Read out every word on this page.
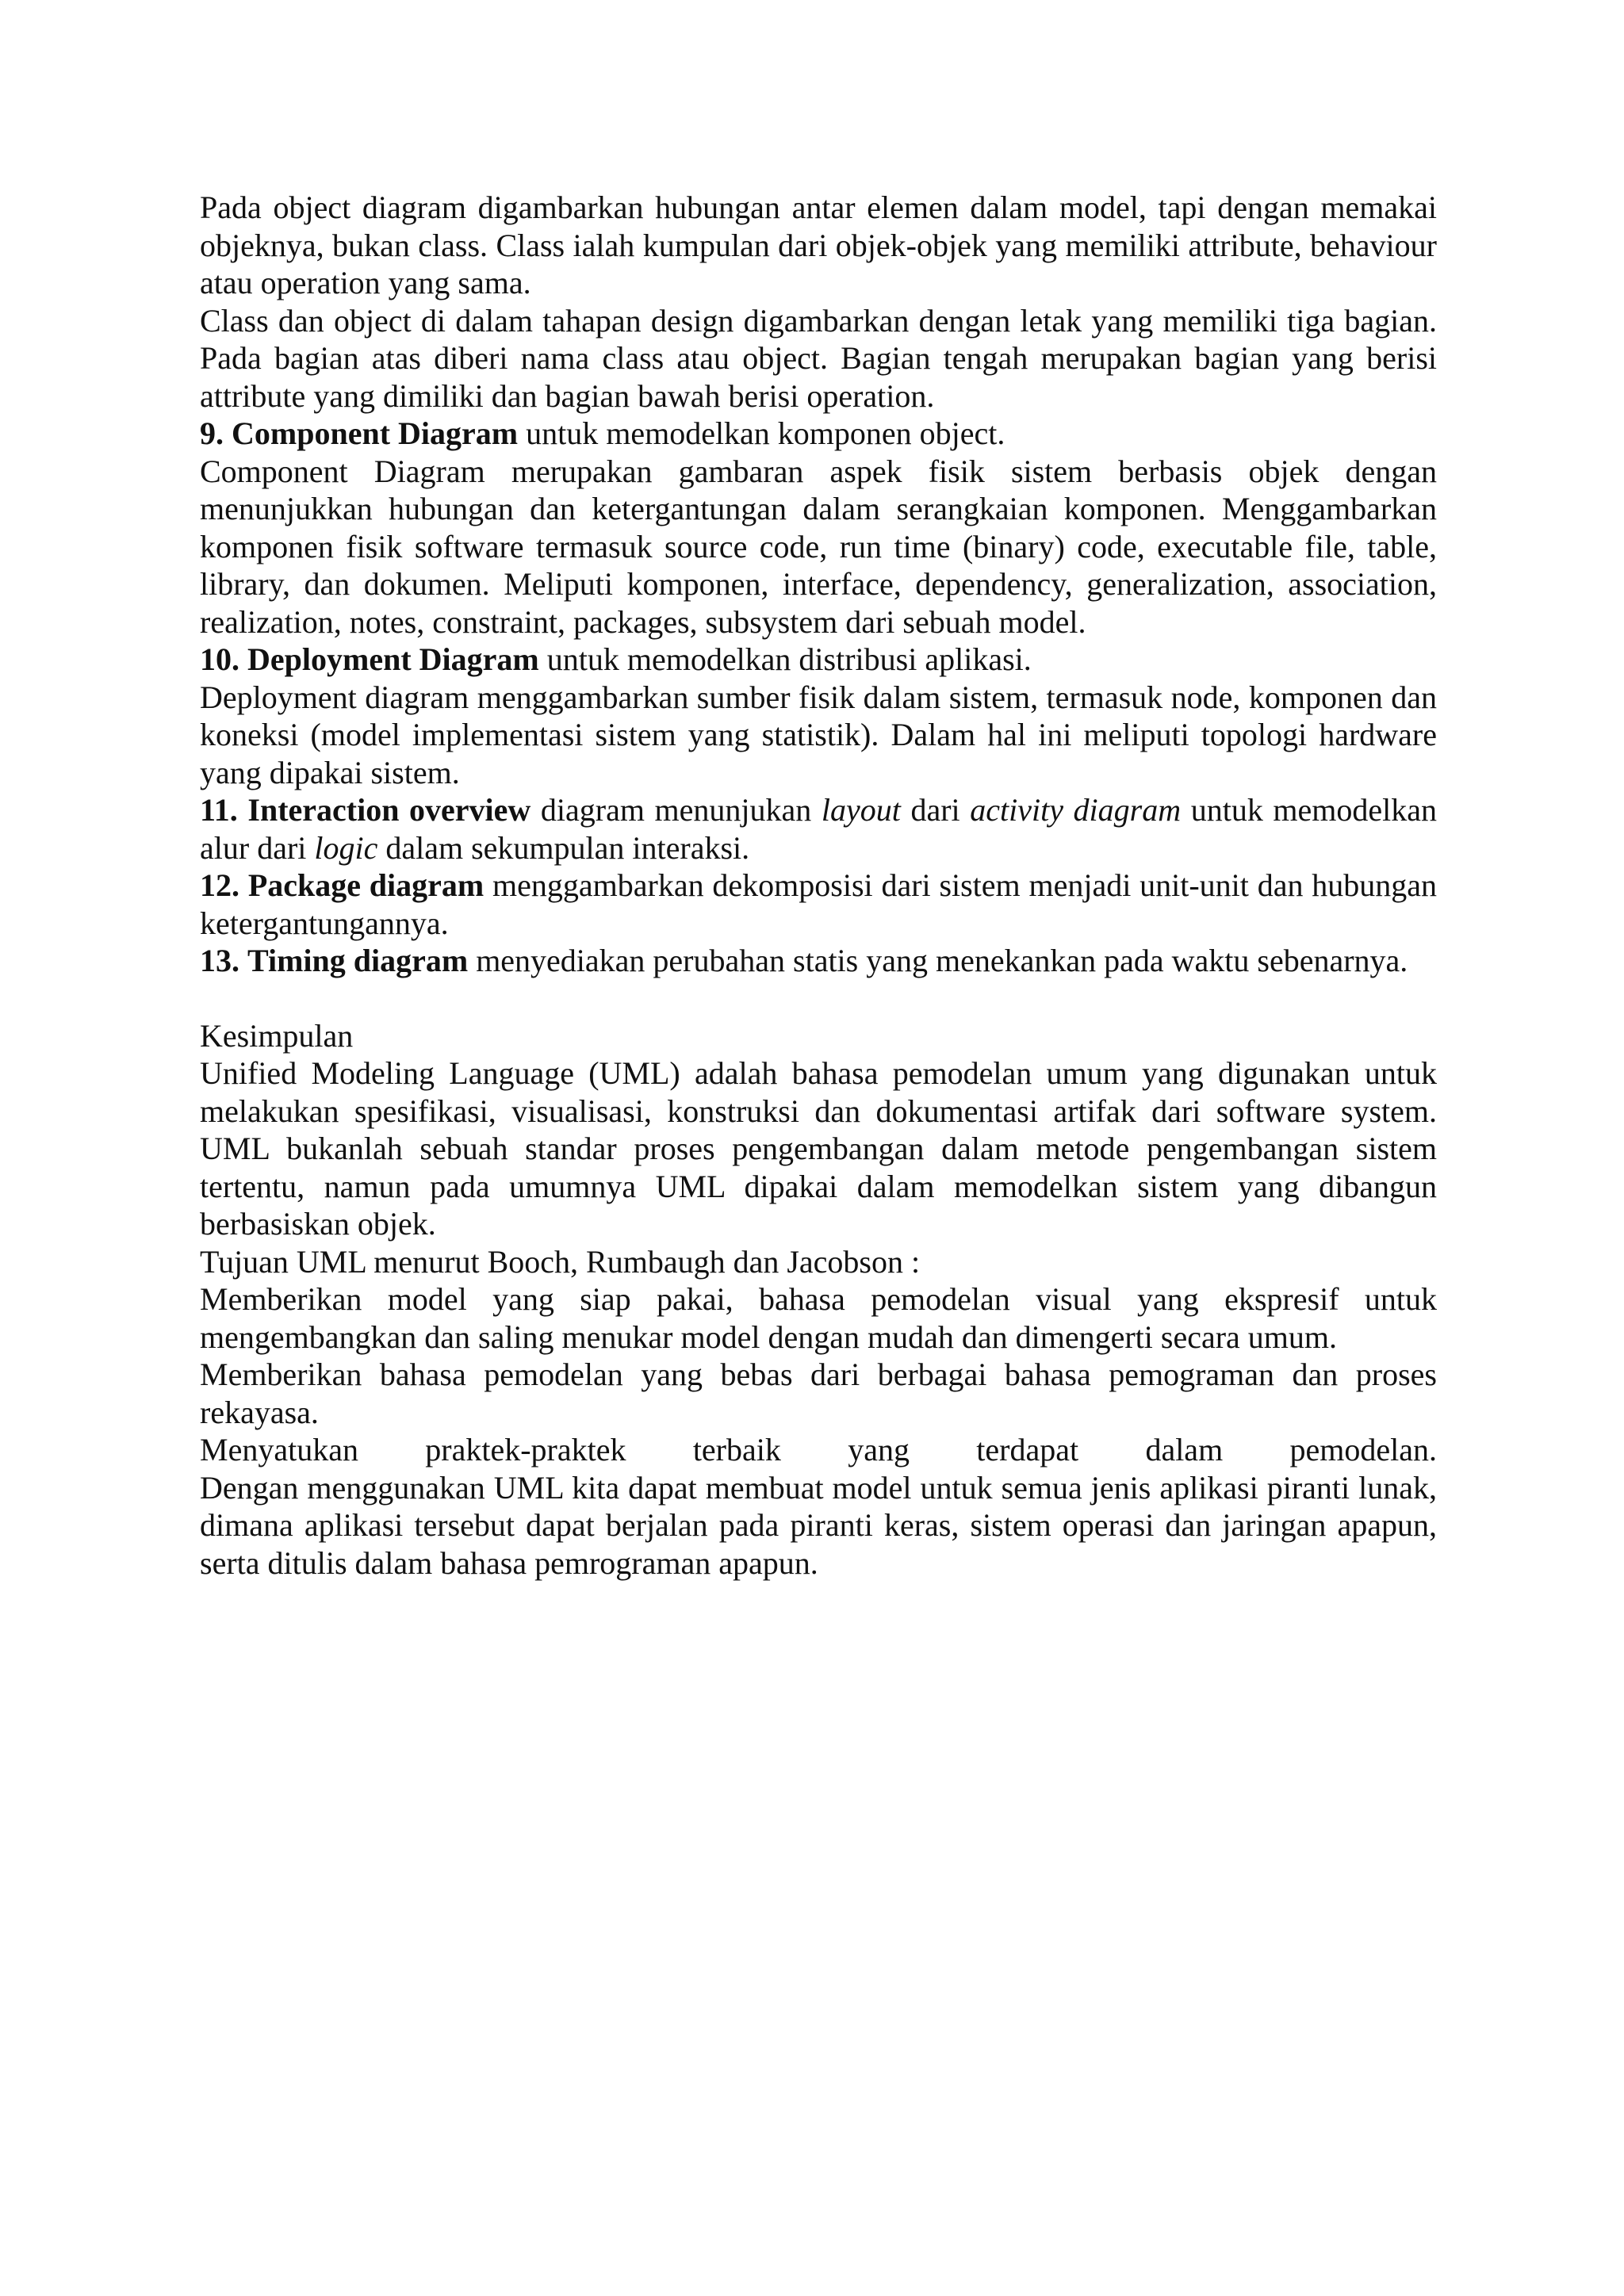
Pada object diagram digambarkan hubungan antar elemen dalam model, tapi dengan memakai objeknya, bukan class. Class ialah kumpulan dari objek-objek yang memiliki attribute, behaviour atau operation yang sama.

Class dan object di dalam tahapan design digambarkan dengan letak yang memiliki tiga bagian. Pada bagian atas diberi nama class atau object. Bagian tengah merupakan bagian yang berisi attribute yang dimiliki dan bagian bawah berisi operation.

9. Component Diagram untuk memodelkan komponen object.

Component Diagram merupakan gambaran aspek fisik sistem berbasis objek dengan menunjukkan hubungan dan ketergantungan dalam serangkaian komponen. Menggambarkan komponen fisik software termasuk source code, run time (binary) code, executable file, table, library, dan dokumen. Meliputi komponen, interface, dependency, generalization, association, realization, notes, constraint, packages, subsystem dari sebuah model.

10. Deployment Diagram untuk memodelkan distribusi aplikasi.

Deployment diagram menggambarkan sumber fisik dalam sistem, termasuk node, komponen dan koneksi (model implementasi sistem yang statistik). Dalam hal ini meliputi topologi hardware yang dipakai sistem.

11. Interaction overview diagram menunjukan layout dari activity diagram untuk memodelkan alur dari logic dalam sekumpulan interaksi.

12. Package diagram menggambarkan dekomposisi dari sistem menjadi unit-unit dan hubungan ketergantungannya.

13. Timing diagram menyediakan perubahan statis yang menekankan pada waktu sebenarnya.

Kesimpulan

Unified Modeling Language (UML) adalah bahasa pemodelan umum yang digunakan untuk melakukan spesifikasi, visualisasi, konstruksi dan dokumentasi artifak dari software system. UML bukanlah sebuah standar proses pengembangan dalam metode pengembangan sistem tertentu, namun pada umumnya UML dipakai dalam memodelkan sistem yang dibangun berbasiskan objek.

Tujuan UML menurut Booch, Rumbaugh dan Jacobson :

Memberikan model yang siap pakai, bahasa pemodelan visual yang ekspresif untuk mengembangkan dan saling menukar model dengan mudah dan dimengerti secara umum.

Memberikan bahasa pemodelan yang bebas dari berbagai bahasa pemograman dan proses rekayasa.

Menyatukan praktek-praktek terbaik yang terdapat dalam pemodelan.

Dengan menggunakan UML kita dapat membuat model untuk semua jenis aplikasi piranti lunak, dimana aplikasi tersebut dapat berjalan pada piranti keras, sistem operasi dan jaringan apapun, serta ditulis dalam bahasa pemrograman apapun.
